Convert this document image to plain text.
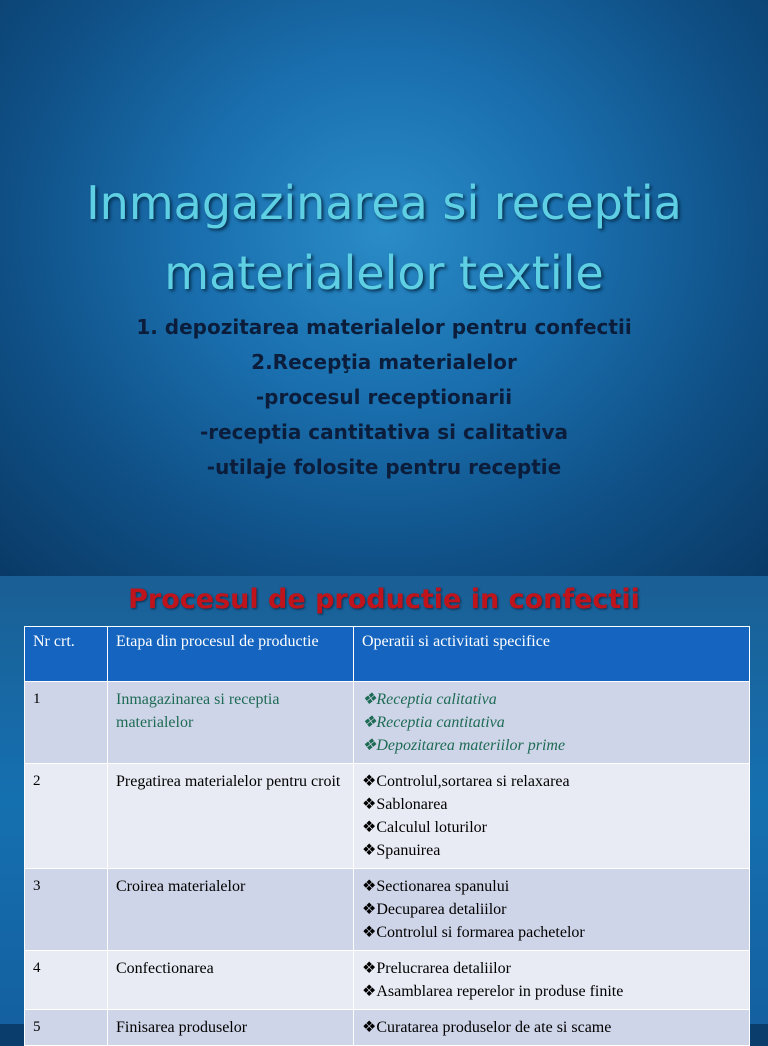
Inmagazinarea si receptia
materialelor textile
1. depozitarea materialelor pentru confectii
2.Recepţia materialelor
-procesul receptionarii
-receptia cantitativa si calitativa
-utilaje folosite pentru receptie
Procesul de productie in confectii
Nr crt.	Etapa din procesul de productie	Operatii si activitati specifice
1	Inmagazinarea si receptia materialelor	❖Receptia calitativa
❖Receptia cantitativa
❖Depozitarea materiilor prime

2	Pregatirea materialelor pentru croit	❖Controlul,sortarea si relaxarea
❖Sablonarea
❖Calculul loturilor
❖Spanuirea

3	Croirea materialelor	❖Sectionarea spanului
❖Decuparea detaliilor
❖Controlul si formarea pachetelor

4	Confectionarea	❖Prelucrarea detaliilor
❖Asamblarea reperelor in produse finite

5	Finisarea produselor	❖Curatarea produselor de ate si scame
